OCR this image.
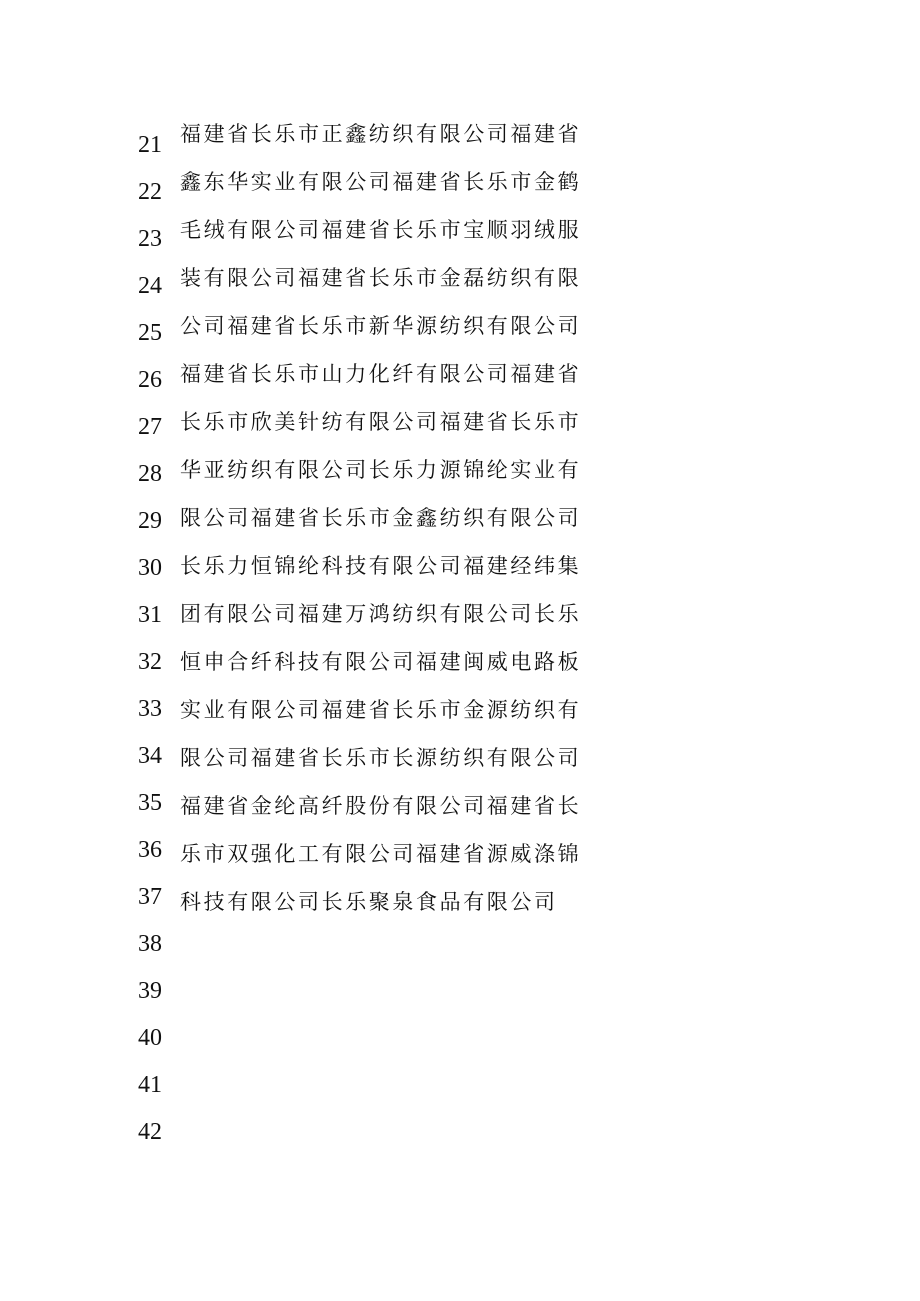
21
22
23
24
25
26
27
28
29
30
31
32
33
34
35
36
37
38
39
40
41
42
福建省长乐市正鑫纺织有限公司福建省
鑫东华实业有限公司福建省长乐市金鹤
毛绒有限公司福建省长乐市宝顺羽绒服
装有限公司福建省长乐市金磊纺织有限
公司福建省长乐市新华源纺织有限公司
福建省长乐市山力化纤有限公司福建省
长乐市欣美针纺有限公司福建省长乐市
华亚纺织有限公司长乐力源锦纶实业有
限公司福建省长乐市金鑫纺织有限公司
长乐力恒锦纶科技有限公司福建经纬集
团有限公司福建万鸿纺织有限公司长乐
恒申合纤科技有限公司福建闽威电路板
实业有限公司福建省长乐市金源纺织有
限公司福建省长乐市长源纺织有限公司
福建省金纶高纤股份有限公司福建省长
乐市双强化工有限公司福建省源威涤锦
科技有限公司长乐聚泉食品有限公司
